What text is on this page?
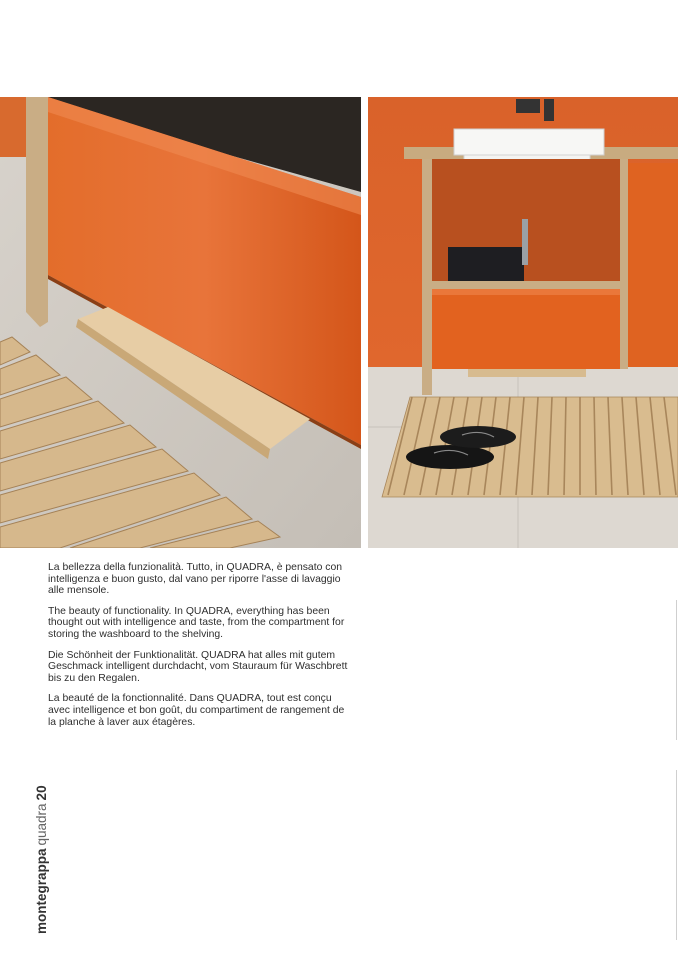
La bellezza della funzionalità. Tutto, in QUADRA, è pensato con intelligenza e buon gusto, dal vano per riporre l'asse di lavaggio alle mensole.

The beauty of functionality. In QUADRA, everything has been thought out with intelligence and taste, from the compartment for storing the washboard to the shelving.

Die Schönheit der Funktionalität. QUADRA hat alles mit gutem Geschmack intelligent durchdacht, vom Stauraum für Waschbrett bis zu den Regalen.

La beauté de la fonctionnalité. Dans QUADRA, tout est conçu avec intelligence et bon goût, du compartiment de rangement de la planche à laver aux étagères.

montegrappaquadra20
